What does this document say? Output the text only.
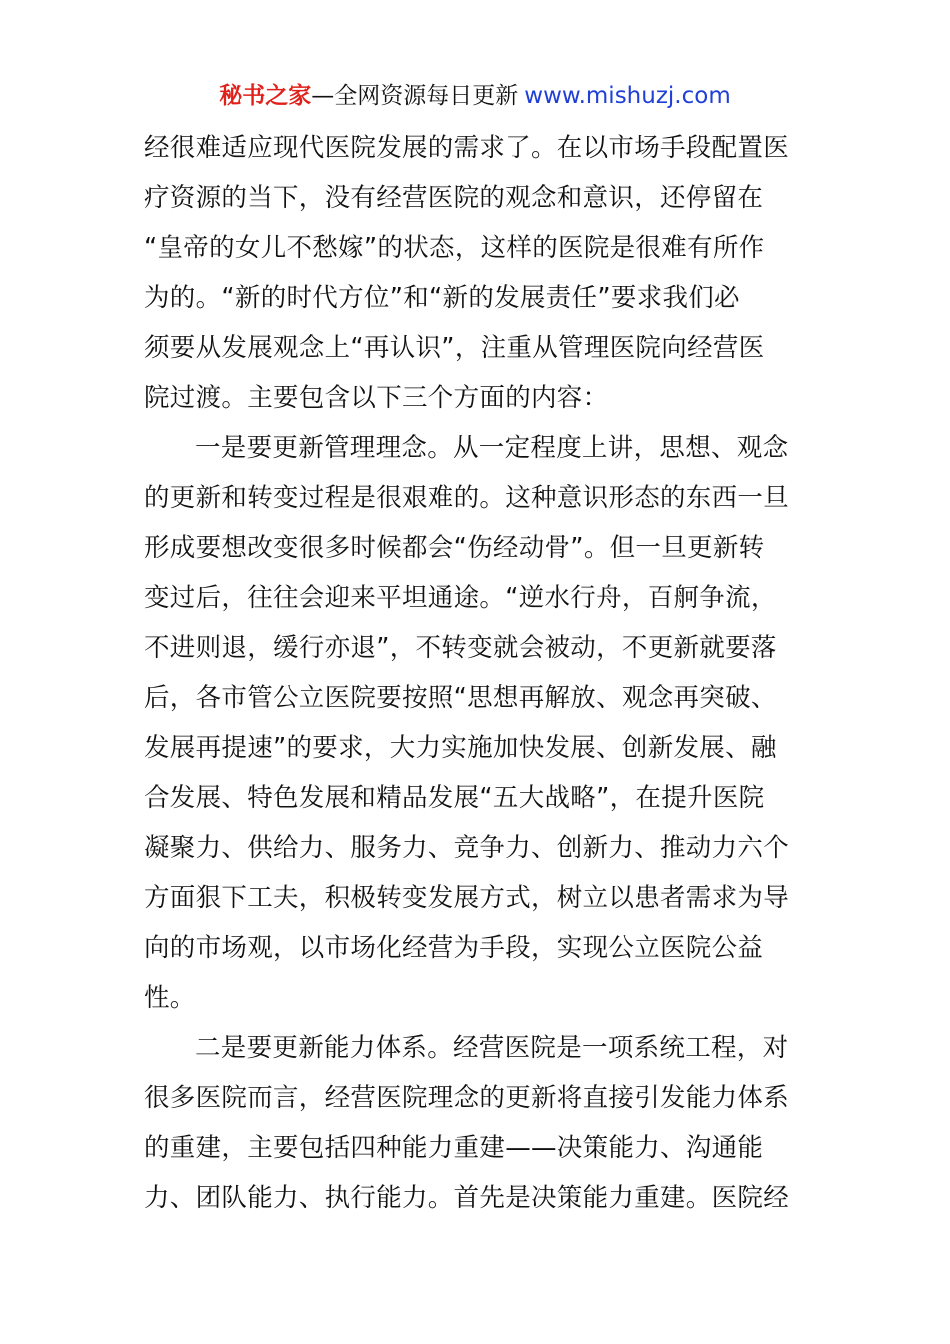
秘书之家—全网资源每日更新 www.mishuzj.com
经很难适应现代医院发展的需求了。在以市场手段配置医
疗资源的当下，没有经营医院的观念和意识，还停留在
“皇帝的女儿不愁嫁”的状态，这样的医院是很难有所作
为的。“新的时代方位”和“新的发展责任”要求我们必
须要从发展观念上“再认识”，注重从管理医院向经营医
院过渡。主要包含以下三个方面的内容：
一是要更新管理理念。从一定程度上讲，思想、观念
的更新和转变过程是很艰难的。这种意识形态的东西一旦
形成要想改变很多时候都会“伤经动骨”。但一旦更新转
变过后，往往会迎来平坦通途。“逆水行舟，百舸争流，
不进则退，缓行亦退”，不转变就会被动，不更新就要落
后，各市管公立医院要按照“思想再解放、观念再突破、
发展再提速”的要求，大力实施加快发展、创新发展、融
合发展、特色发展和精品发展“五大战略”，在提升医院
凝聚力、供给力、服务力、竞争力、创新力、推动力六个
方面狠下工夫，积极转变发展方式，树立以患者需求为导
向的市场观，以市场化经营为手段，实现公立医院公益
性。
二是要更新能力体系。经营医院是一项系统工程，对
很多医院而言，经营医院理念的更新将直接引发能力体系
的重建，主要包括四种能力重建——决策能力、沟通能
力、团队能力、执行能力。首先是决策能力重建。医院经
